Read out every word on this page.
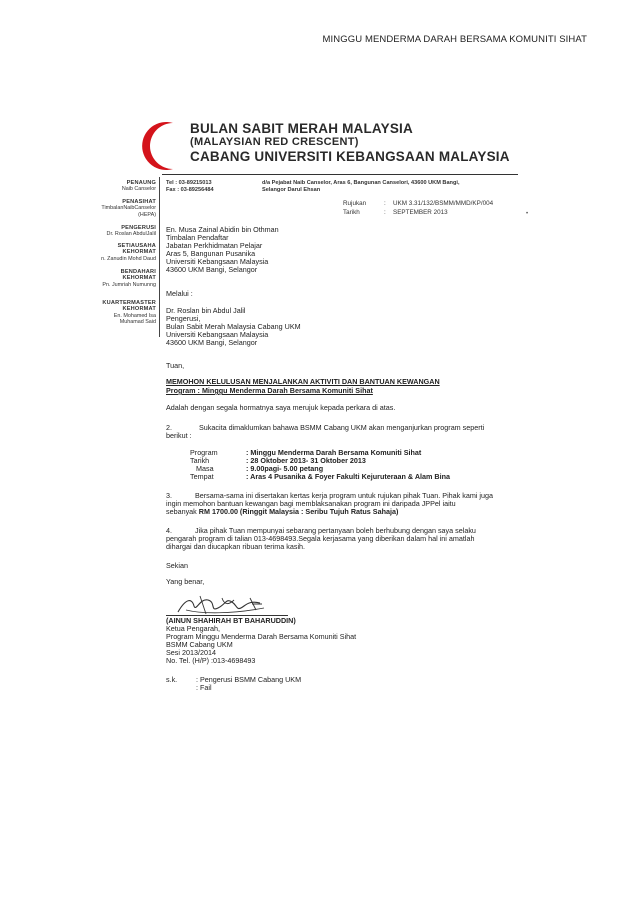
MINGGU MENDERMA DARAH BERSAMA KOMUNITI SIHAT
BULAN SABIT MERAH MALAYSIA
(MALAYSIAN RED CRESCENT)
CABANG UNIVERSITI KEBANGSAAN MALAYSIA
PENAUNG
Naib Canselor
PENASIHAT
TimbalanNaibCanselor (HEPA)
PENGERUSI
Dr. Roslan AbdulJalil
SETIAUSAHA KEHORMAT
n. Zanudin Mohd Daud
BENDAHARI KEHORMAT
Pn. Jumriah Numunng
KUARTERMASTER KEHORMAT
En. Mohamed Isa Muhamad Said
Tel : 03-89215013
Fax : 03-89256484
d/a Pejabat Naib Canselor, Aras 6, Bangunan Canselori, 43600 UKM Bangi,
Selangor Darul Ehsan
Rujukan	: UKM 3.31/132/BSMM/MMD/KP/004
Tarikh	: SEPTEMBER 2013	•
En. Musa Zainal Abidin bin Othman
Timbalan Pendaftar
Jabatan Perkhidmatan Pelajar
Aras 5, Bangunan Pusanika
Universiti Kebangsaan Malaysia
43600 UKM Bangi, Selangor
Melalui :
Dr. Roslan bin Abdul Jalil
Pengerusi,
Bulan Sabit Merah Malaysia Cabang UKM
Universiti Kebangsaan Malaysia
43600 UKM Bangi, Selangor
Tuan,
MEMOHON KELULUSAN MENJALANKAN AKTIVITI DAN BANTUAN KEWANGAN
Program : Minggu Menderma Darah Bersama Komuniti Sihat
Adalah dengan segala hormatnya saya merujuk kepada perkara di atas.
2.	Sukacita dimaklumkan bahawa BSMM Cabang UKM akan menganjurkan program seperti
berikut :
Program	: Minggu Menderma Darah Bersama Komuniti Sihat
Tarikh	: 28 Oktober 2013- 31 Oktober 2013
Masa	: 9.00pagi- 5.00 petang
Tempat	: Aras 4 Pusanika & Foyer Fakulti Kejuruteraan & Alam Bina
3.	Bersama-sama ini disertakan kertas kerja program untuk rujukan pihak Tuan. Pihak kami juga
ingin memohon bantuan kewangan bagi memblaksanakan program ini daripada JPPel iaitu
sebanyak RM 1700.00 (Ringgit Malaysia : Seribu Tujuh Ratus Sahaja)
4.	Jika pihak Tuan mempunyai sebarang pertanyaan boleh berhubung dengan saya selaku
pengarah program di talian 013-4698493.Segala kerjasama yang diberikan dalam hal ini amatlah
dihargai dan diucapkan ribuan terima kasih.
Sekian
Yang benar,
(AINUN SHAHIRAH BT BAHARUDDIN)
Ketua Pengarah,
Program Minggu Menderma Darah Bersama Komuniti Sihat
BSMM Cabang UKM
Sesi 2013/2014
No. Tel. (H/P) :013-4698493
s.k.	: Pengerusi BSMM Cabang UKM
: Fail
